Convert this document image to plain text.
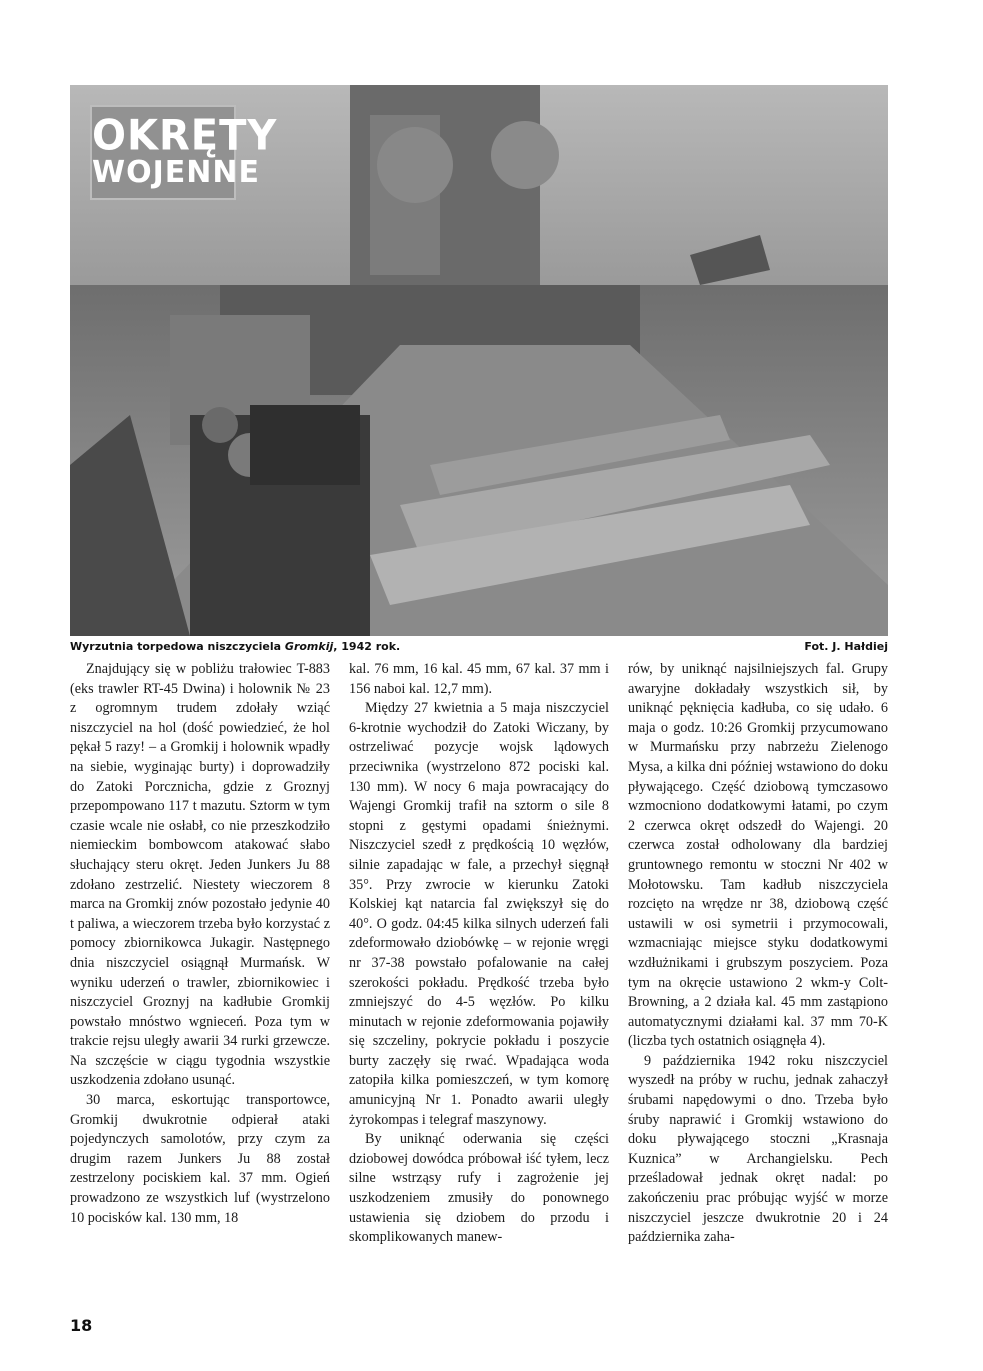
OKRĘTY
WOJENNE
Wyrzutnia torpedowa niszczyciela Gromkij, 1942 rok.	Fot. J. Hałdiej

Znajdujący się w pobliżu trałowiec T-883 (eks trawler RT-45 Dwina) i holownik № 23 z ogromnym trudem zdołały wziąć niszczyciel na hol (dość powiedzieć, że hol pękał 5 razy! – a Gromkij i holownik wpadły na siebie, wyginając burty) i doprowadziły do Zatoki Porcznicha, gdzie z Groznyj przepompowano 117 t mazutu. Sztorm w tym czasie wcale nie osłabł, co nie przeszkodziło niemieckim bombowcom atakować słabo słuchający steru okręt. Jeden Junkers Ju 88 zdołano zestrzelić. Niestety wieczorem 8 marca na Gromkij znów pozostało jedynie 40 t paliwa, a wieczorem trzeba było korzystać z pomocy zbiornikowca Jukagir. Następnego dnia niszczyciel osiągnął Murmańsk. W wyniku uderzeń o trawler, zbiornikowiec i niszczyciel Groznyj na kadłubie Gromkij powstało mnóstwo wgnieceń. Poza tym w trakcie rejsu uległy awarii 34 rurki grzewcze. Na szczęście w ciągu tygodnia wszystkie uszkodzenia zdołano usunąć.

30 marca, eskortując transportowce, Gromkij dwukrotnie odpierał ataki pojedynczych samolotów, przy czym za drugim razem Junkers Ju 88 został zestrzelony pociskiem kal. 37 mm. Ogień prowadzono ze wszystkich luf (wystrzelono 10 pocisków kal. 130 mm, 18

kal. 76 mm, 16 kal. 45 mm, 67 kal. 37 mm i 156 naboi kal. 12,7 mm).

Między 27 kwietnia a 5 maja niszczyciel 6-krotnie wychodził do Zatoki Wiczany, by ostrzeliwać pozycje wojsk lądowych przeciwnika (wystrzelono 872 pociski kal. 130 mm). W nocy 6 maja powracający do Wajengi Gromkij trafił na sztorm o sile 8 stopni z gęstymi opadami śnieżnymi. Niszczyciel szedł z prędkością 10 węzłów, silnie zapadając w fale, a przechył sięgnął 35°. Przy zwrocie w kierunku Zatoki Kolskiej kąt natarcia fal zwiększył się do 40°. O godz. 04:45 kilka silnych uderzeń fali zdeformowało dziobówkę – w rejonie wręgi nr 37-38 powstało pofalowanie na całej szerokości pokładu. Prędkość trzeba było zmniejszyć do 4-5 węzłów. Po kilku minutach w rejonie zdeformowania pojawiły się szczeliny, pokrycie pokładu i poszycie burty zaczęły się rwać. Wpadająca woda zatopiła kilka pomieszczeń, w tym komorę amunicyjną Nr 1. Ponadto awarii uległy żyrokompas i telegraf maszynowy.

By uniknąć oderwania się części dziobowej dowódca próbował iść tyłem, lecz silne wstrząsy rufy i zagrożenie jej uszkodzeniem zmusiły do ponownego ustawienia się dziobem do przodu i skomplikowanych manew-

rów, by uniknąć najsilniejszych fal. Grupy awaryjne dokładały wszystkich sił, by uniknąć pęknięcia kadłuba, co się udało. 6 maja o godz. 10:26 Gromkij przycumowano w Murmańsku przy nabrzeżu Zielenogo Mysa, a kilka dni później wstawiono do doku pływającego. Część dziobową tymczasowo wzmocniono dodatkowymi łatami, po czym 2 czerwca okręt odszedł do Wajengi. 20 czerwca został odholowany dla bardziej gruntownego remontu w stoczni Nr 402 w Mołotowsku. Tam kadłub niszczyciela rozcięto na wrędze nr 38, dziobową część ustawili w osi symetrii i przymocowali, wzmacniając miejsce styku dodatkowymi wzdłużnikami i grubszym poszyciem. Poza tym na okręcie ustawiono 2 wkm-y Colt-Browning, a 2 działa kal. 45 mm zastąpiono automatycznymi działami kal. 37 mm 70-K (liczba tych ostatnich osiągnęła 4).

9 października 1942 roku niszczyciel wyszedł na próby w ruchu, jednak zahaczył śrubami napędowymi o dno. Trzeba było śruby naprawić i Gromkij wstawiono do doku pływającego stoczni „Krasnaja Kuznica” w Archangielsku. Pech prześladował jednak okręt nadal: po zakończeniu prac próbując wyjść w morze niszczyciel jeszcze dwukrotnie 20 i 24 października zaha-

18
